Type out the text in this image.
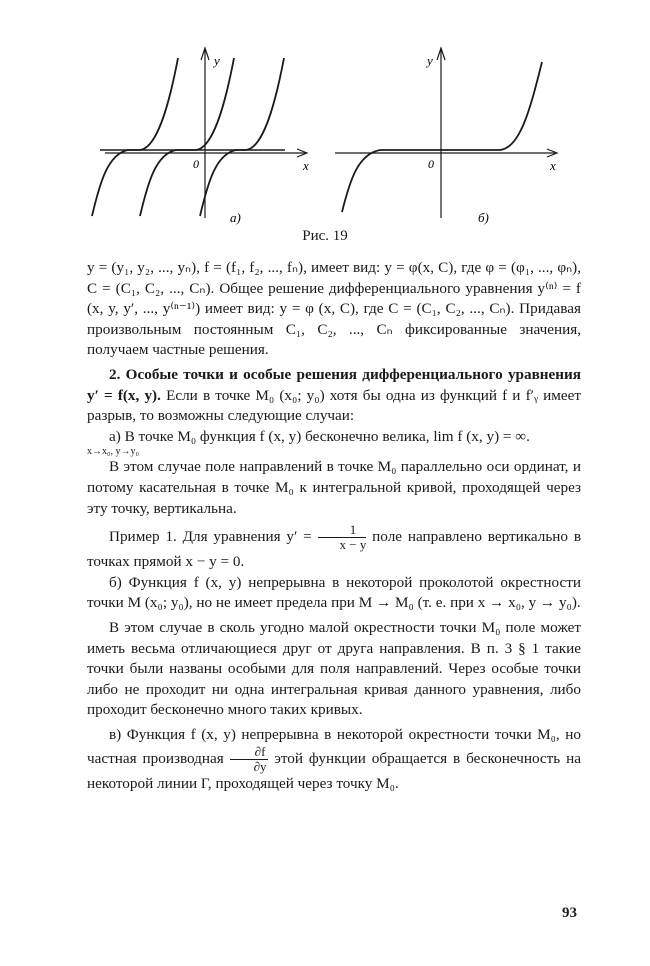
y
0	x
а)
y
0	x
б)
Рис. 19

y = (y₁, y₂, ..., yₙ), f = (f₁, f₂, ..., fₙ), имеет вид: y = φ(x, C), где φ = (φ₁, ..., φₙ), C = (C₁, C₂, ..., Cₙ). Общее решение дифференциального уравнения y⁽ⁿ⁾ = f (x, y, y′, ..., y⁽ⁿ⁻¹⁾) имеет вид: y = φ (x, C), где C = (C₁, C₂, ..., Cₙ). Придавая произвольным постоянным C₁, C₂, ..., Cₙ фиксированные значения, получаем частные решения.

2. Особые точки и особые решения дифференциального уравнения y′ = f(x, y). Если в точке M₀ (x₀; y₀) хотя бы одна из функций f и f′ᵧ имеет разрыв, то возможны следующие случаи:

а) В точке M₀ функция f (x, y) бесконечно велика, lim f (x, y) = ∞.

x→x₀, y→y₀

В этом случае поле направлений в точке M₀ параллельно оси ординат, и потому касательная в точке M₀ к интегральной кривой, проходящей через эту точку, вертикальна.

Пример 1. Для уравнения $y' = \frac{1}{x - y}$ поле направлено вертикально в точках прямой x − y = 0.

б) Функция f (x, y) непрерывна в некоторой проколотой окрестности точки M (x₀; y₀), но не имеет предела при M → M₀ (т. е. при x → x₀, y → y₀).

В этом случае в сколь угодно малой окрестности точки M₀ поле может иметь весьма отличающиеся друг от друга направления. В п. 3 § 1 такие точки были названы особыми для поля направлений. Через особые точки либо не проходит ни одна интегральная кривая данного уравнения, либо проходит бесконечно много таких кривых.

в) Функция f (x, y) непрерывна в некоторой окрестности точки M₀, но частная производная $\frac{\partial f}{\partial y}$ этой функции обращается в бесконечность на некоторой линии Γ, проходящей через точку M₀.

93
